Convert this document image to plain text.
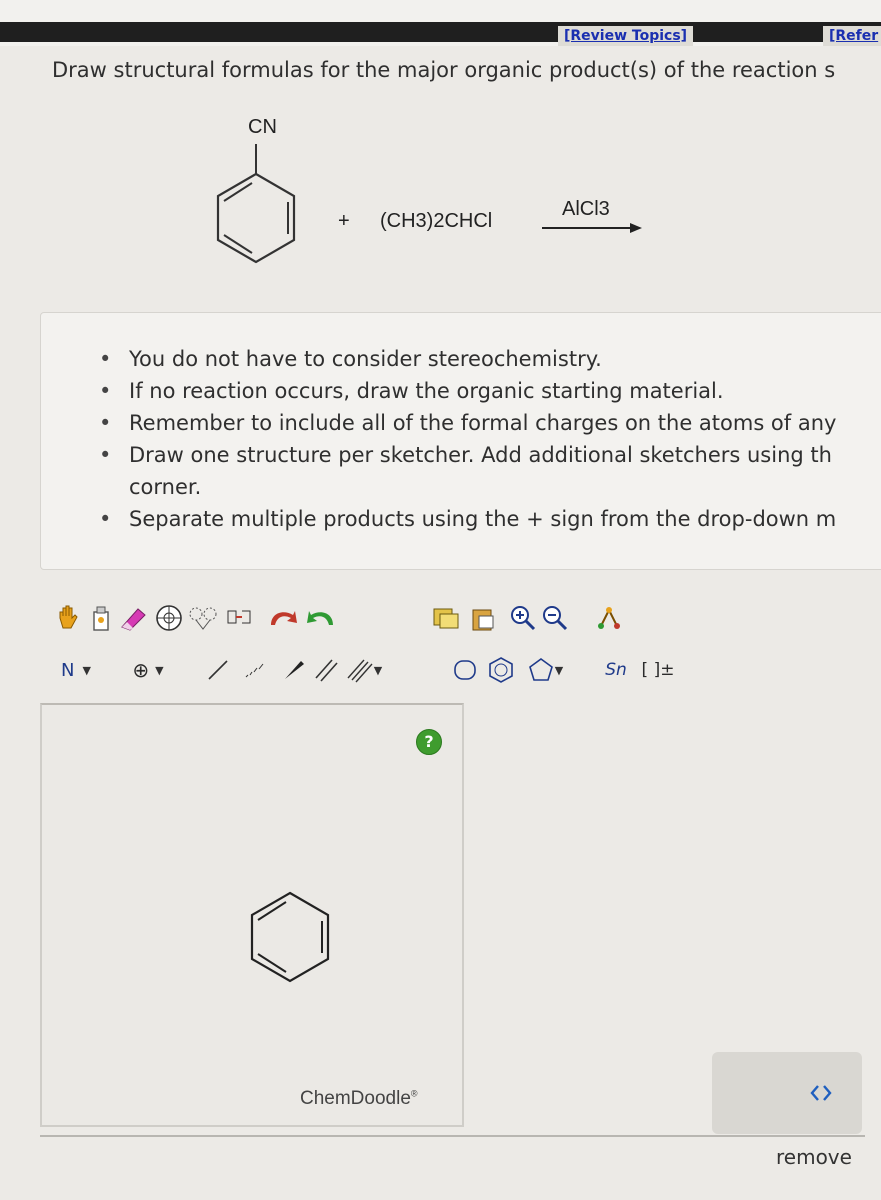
[Review Topics]	[Refer
Draw structural formulas for the major organic product(s) of the reaction s
CN
+ (CH3)2CHCl
AlCl3
• You do not have to consider stereochemistry.
• If no reaction occurs, draw the organic starting material.
• Remember to include all of the formal charges on the atoms of any
• Draw one structure per sketcher. Add additional sketchers using th
corner.
• Separate multiple products using the + sign from the drop-down m
N ▼ ⊕ ▼	▼	▼ Sn [ ]±
?
ChemDoodle®
remove
